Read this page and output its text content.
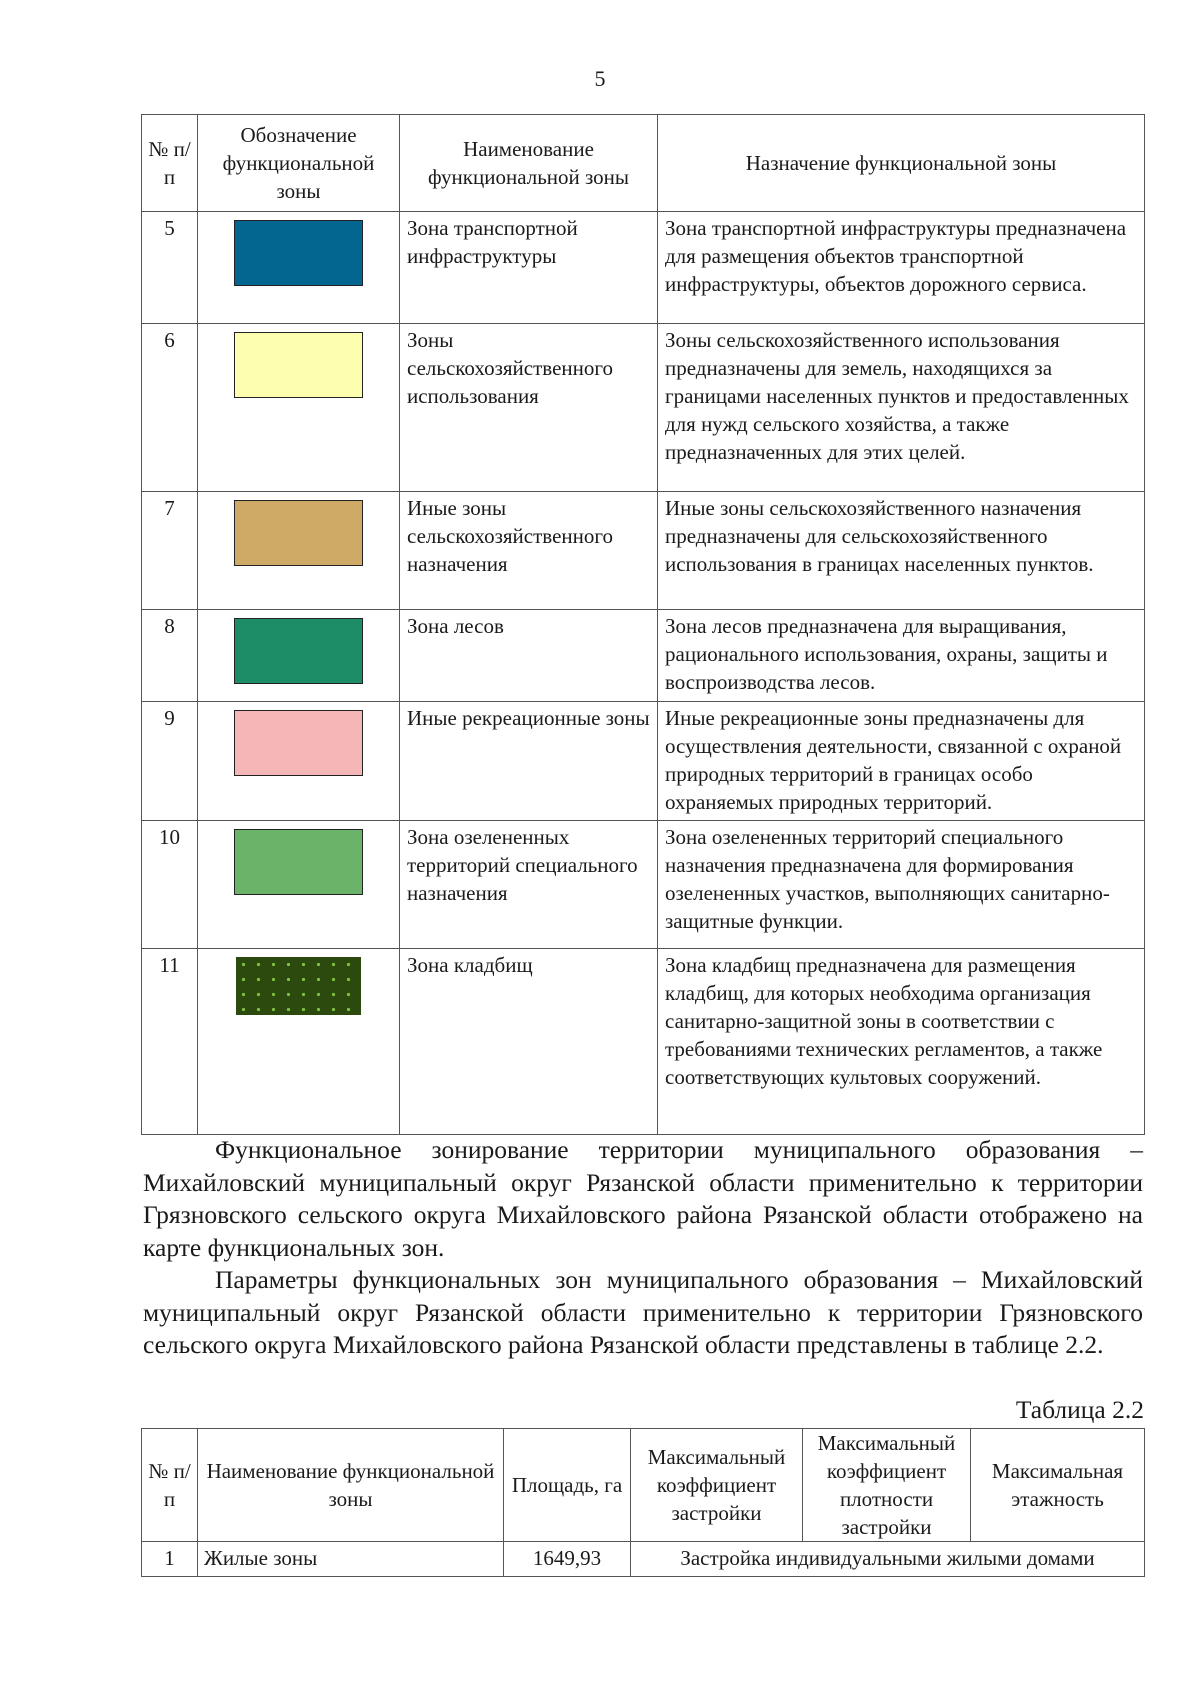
5
№ п/п	Обозначение функциональной зоны	Наименование функциональной зоны	Назначение функциональной зоны
5		Зона транспортной инфраструктуры	Зона транспортной инфраструктуры предназначена для размещения объектов транспортной инфраструктуры, объектов дорожного сервиса.
6		Зоны сельскохозяйственного использования	Зоны сельскохозяйственного использования предназначены для земель, находящихся за границами населенных пунктов и предоставленных для нужд сельского хозяйства, а также предназначенных для этих целей.
7		Иные зоны сельскохозяйственного назначения	Иные зоны сельскохозяйственного назначения предназначены для сельскохозяйственного использования в границах населенных пунктов.
8		Зона лесов	Зона лесов предназначена для выращивания, рационального использования, охраны, защиты и воспроизводства лесов.
9		Иные рекреационные зоны	Иные рекреационные зоны предназначены для осуществления деятельности, связанной с охраной природных территорий в границах особо охраняемых природных территорий.
10		Зона озелененных территорий специального назначения	Зона озелененных территорий специального назначения предназначена для формирования озелененных участков, выполняющих санитарно-защитные функции.
11		Зона кладбищ	Зона кладбищ предназначена для размещения кладбищ, для которых необходима организация санитарно-защитной зоны в соответствии с требованиями технических регламентов, а также соответствующих культовых сооружений.

Функциональное зонирование территории муниципального образования – Михайловский муниципальный округ Рязанской области применительно к территории Грязновского сельского округа Михайловского района Рязанской области отображено на карте функциональных зон.

Параметры функциональных зон муниципального образования – Михайловский муниципальный округ Рязанской области применительно к территории Грязновского сельского округа Михайловского района Рязанской области представлены в таблице 2.2.

Таблица 2.2
№ п/п	Наименование функциональной зоны	Площадь, га	Максимальный коэффициент застройки	Максимальный коэффициент плотности застройки	Максимальная этажность
1	Жилые зоны	1649,93	Застройка индивидуальными жилыми домами		
